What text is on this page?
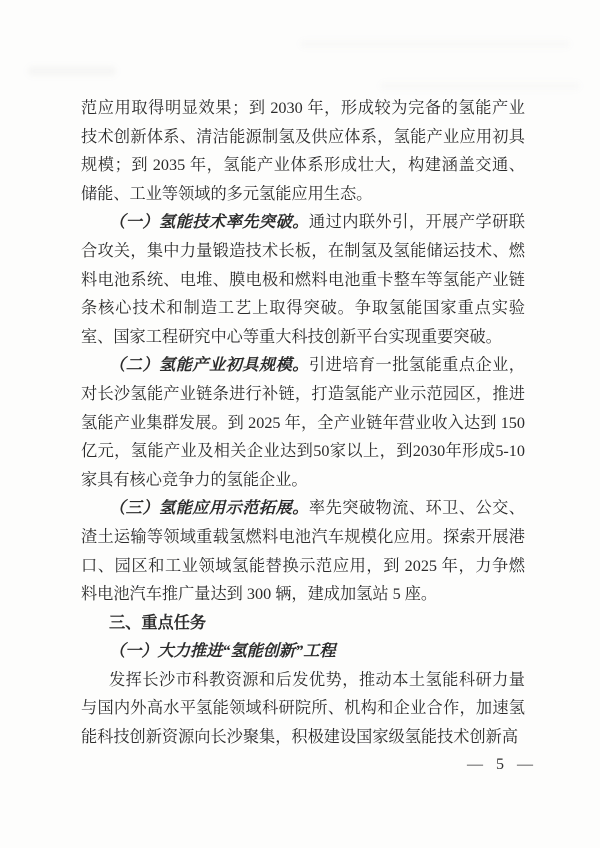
范应用取得明显效果；到 2030 年，形成较为完备的氢能产业
技术创新体系、清洁能源制氢及供应体系，氢能产业应用初具
规模；到 2035 年，氢能产业体系形成壮大，构建涵盖交通、
储能、工业等领域的多元氢能应用生态。
（一）氢能技术率先突破。通过内联外引，开展产学研联
合攻关，集中力量锻造技术长板，在制氢及氢能储运技术、燃
料电池系统、电堆、膜电极和燃料电池重卡整车等氢能产业链
条核心技术和制造工艺上取得突破。争取氢能国家重点实验
室、国家工程研究中心等重大科技创新平台实现重要突破。
（二）氢能产业初具规模。引进培育一批氢能重点企业，
对长沙氢能产业链条进行补链，打造氢能产业示范园区，推进
氢能产业集群发展。到 2025 年，全产业链年营业收入达到 150
亿元，氢能产业及相关企业达到50家以上，到2030年形成5-10
家具有核心竞争力的氢能企业。
（三）氢能应用示范拓展。率先突破物流、环卫、公交、
渣土运输等领域重载氢燃料电池汽车规模化应用。探索开展港
口、园区和工业领域氢能替换示范应用，到 2025 年，力争燃
料电池汽车推广量达到 300 辆，建成加氢站 5 座。
三、重点任务
（一）大力推进“氢能创新”工程
发挥长沙市科教资源和后发优势，推动本土氢能科研力量
与国内外高水平氢能领域科研院所、机构和企业合作，加速氢
能科技创新资源向长沙聚集，积极建设国家级氢能技术创新高
— 5 —
